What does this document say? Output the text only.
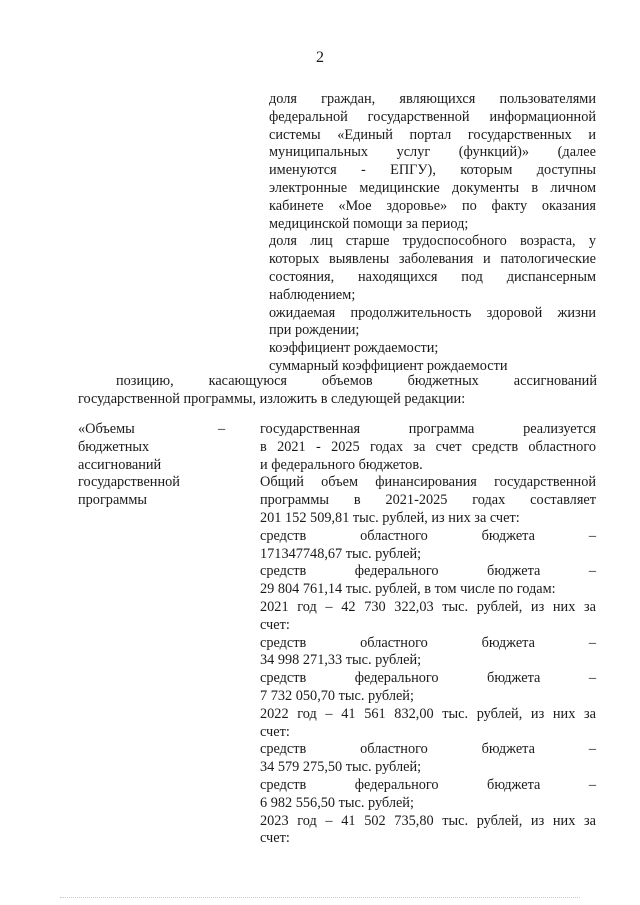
2
доля граждан, являющихся пользователями
федеральной государственной информационной
системы «Единый портал государственных и
муниципальных услуг (функций)» (далее
именуются - ЕПГУ), которым доступны
электронные медицинские документы в личном
кабинете «Мое здоровье» по факту оказания
медицинской помощи за период;
доля лиц старше трудоспособного возраста, у
которых выявлены заболевания и патологические
состояния, находящихся под диспансерным
наблюдением;
ожидаемая продолжительность здоровой жизни
при рождении;
коэффициент рождаемости;
суммарный коэффициент рождаемости
позицию, касающуюся объемов бюджетных ассигнований
государственной программы, изложить в следующей редакции:
«Объемы
бюджетных
ассигнований
государственной
программы
– государственная программа реализуется
в 2021 - 2025 годах за счет средств областного
и федерального бюджетов.
Общий объем финансирования государственной
программы в 2021-2025 годах составляет
201 152 509,81 тыс. рублей, из них за счет:
средств областного бюджета –
171347748,67 тыс. рублей;
средств федерального бюджета –
29 804 761,14 тыс. рублей, в том числе по годам:
2021 год – 42 730 322,03 тыс. рублей, из них за
счет:
средств областного бюджета –
34 998 271,33 тыс. рублей;
средств федерального бюджета –
7 732 050,70 тыс. рублей;
2022 год – 41 561 832,00 тыс. рублей, из них за
счет:
средств областного бюджета –
34 579 275,50 тыс. рублей;
средств федерального бюджета –
6 982 556,50 тыс. рублей;
2023 год – 41 502 735,80 тыс. рублей, из них за
счет:
